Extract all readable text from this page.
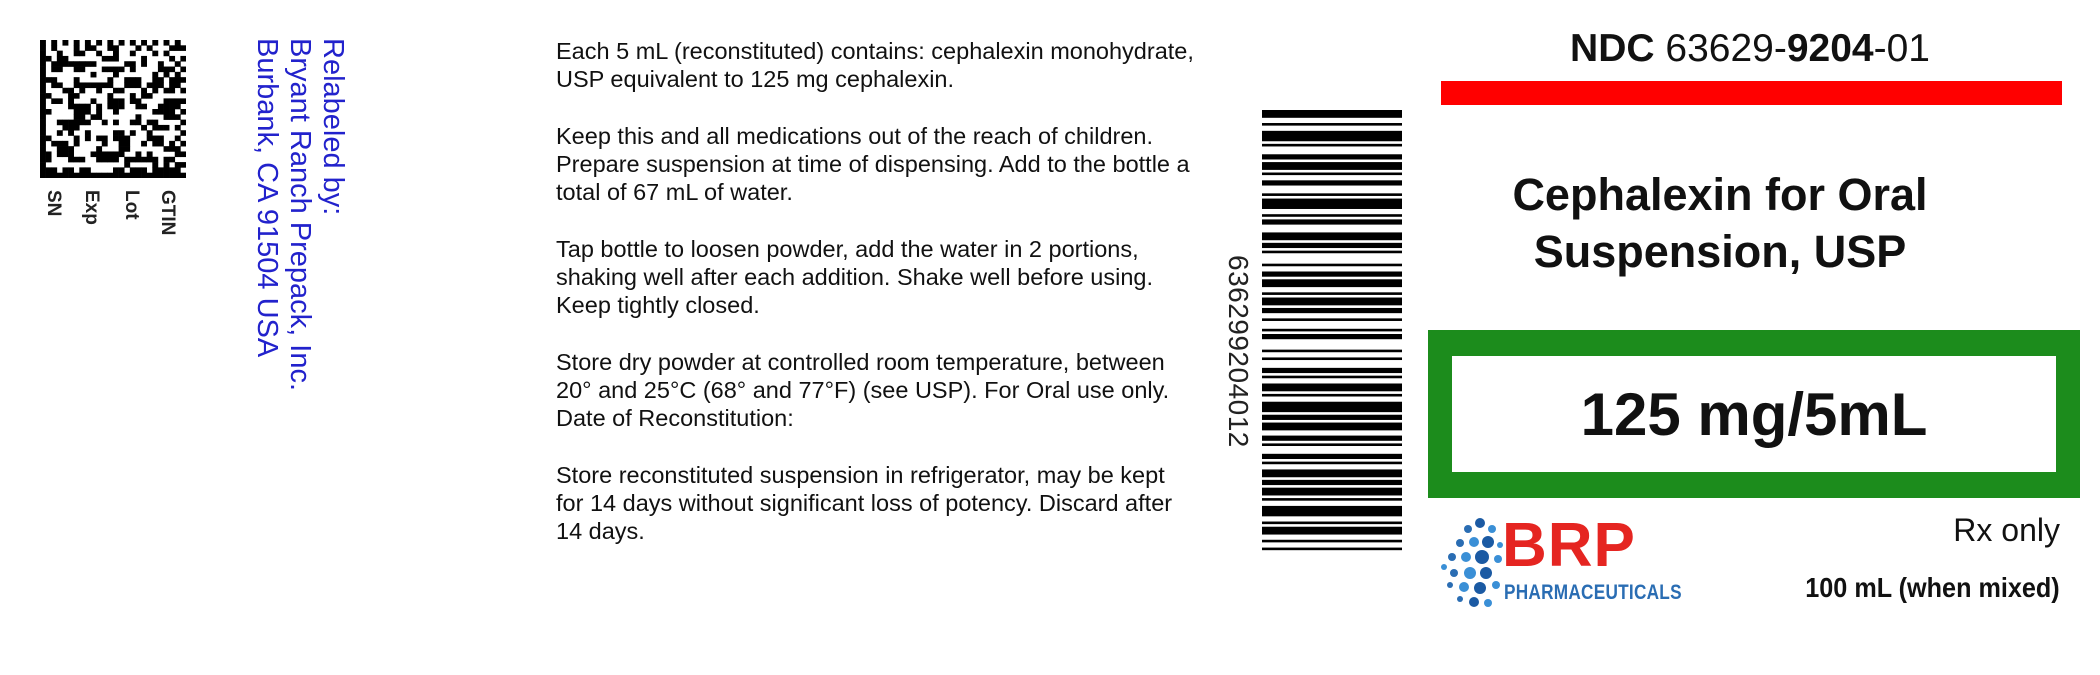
GTIN
Lot
Exp
SN	Relabeled by:
Bryant Ranch Prepack, Inc.
Burbank, CA 91504 USA	Each 5 mL (reconstituted) contains: cephalexin monohydrate, USP equivalent to 125 mg cephalexin.

Keep this and all medications out of the reach of children. Prepare suspension at time of dispensing. Add to the bottle a total of 67 mL of water.

Tap bottle to loosen powder, add the water in 2 portions, shaking well after each addition. Shake well before using. Keep tightly closed.

Store dry powder at controlled room temperature, between 20° and 25°C (68° and 77°F) (see USP). For Oral use only. Date of Reconstitution:

Store reconstituted suspension in refrigerator, may be kept for 14 days without significant loss of potency. Discard after 14 days.

636299204012
NDC 63629-9204-01
Cephalexin for Oral
Suspension, USP
125 mg/5mL
BRP
PHARMACEUTICALS
Rx only
100 mL (when mixed)
